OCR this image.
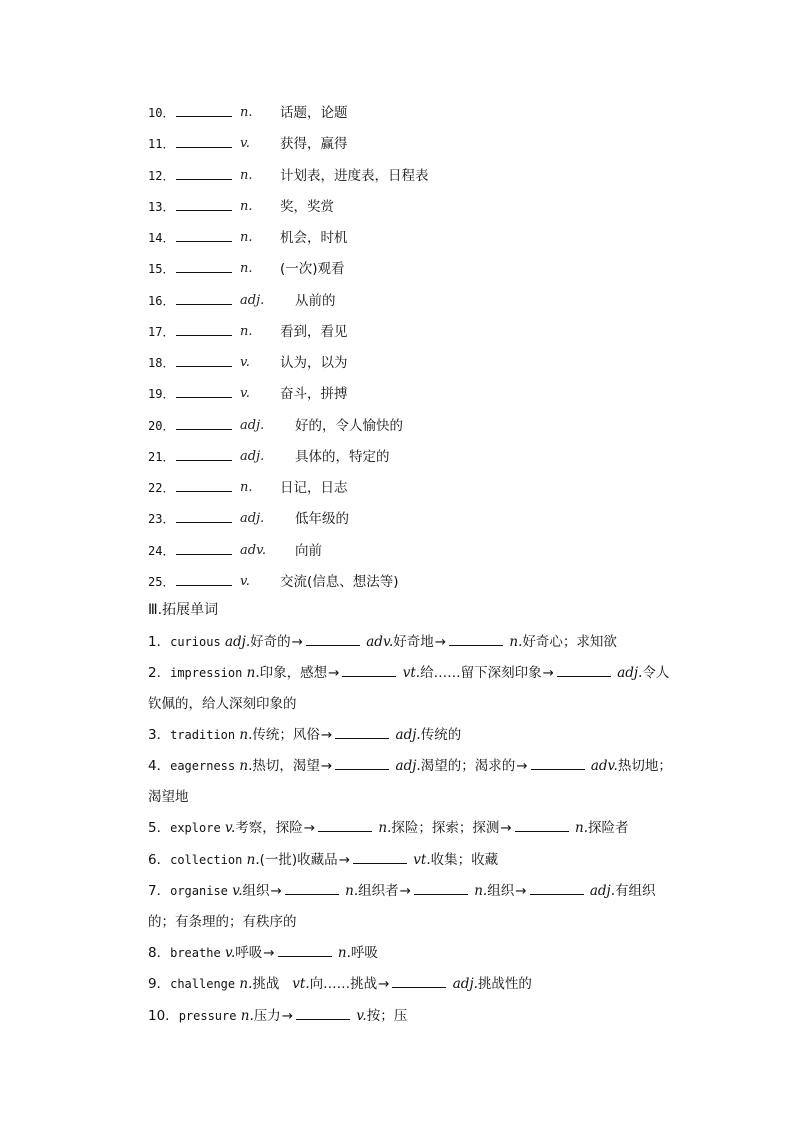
10．	n. 话题，论题
11．	v. 获得，赢得
12．	n. 计划表，进度表，日程表
13．	n. 奖，奖赏
14．	n. 机会，时机
15．	n. (一次)观看
16．	adj. 从前的
17．	n. 看到，看见
18．	v. 认为，以为
19．	v. 奋斗，拼搏
20．	adj. 好的，令人愉快的
21．	adj. 具体的，特定的
22．	n. 日记，日志
23．	adj. 低年级的
24．	adv. 向前
25．	v. 交流(信息、想法等)
Ⅲ.拓展单词
1．curious adj.好奇的→	adv.好奇地→	n.好奇心；求知欲
2．impression n.印象，感想→	vt.给……留下深刻印象→	adj.令人钦佩的，给人深刻印象的
3．tradition n.传统；风俗→	adj.传统的
4．eagerness n.热切，渴望→	adj.渴望的；渴求的→	adv.热切地；渴望地
5．explore v.考察，探险→	n.探险；探索；探测→	n.探险者
6．collection n.(一批)收藏品→	vt.收集；收藏
7．organise v.组织→	n.组织者→	n.组织→	adj.有组织的；有条理的；有秩序的
8．breathe v.呼吸→	n.呼吸
9．challenge n.挑战 vt.向……挑战→	adj.挑战性的
10．pressure n.压力→	v.按；压
